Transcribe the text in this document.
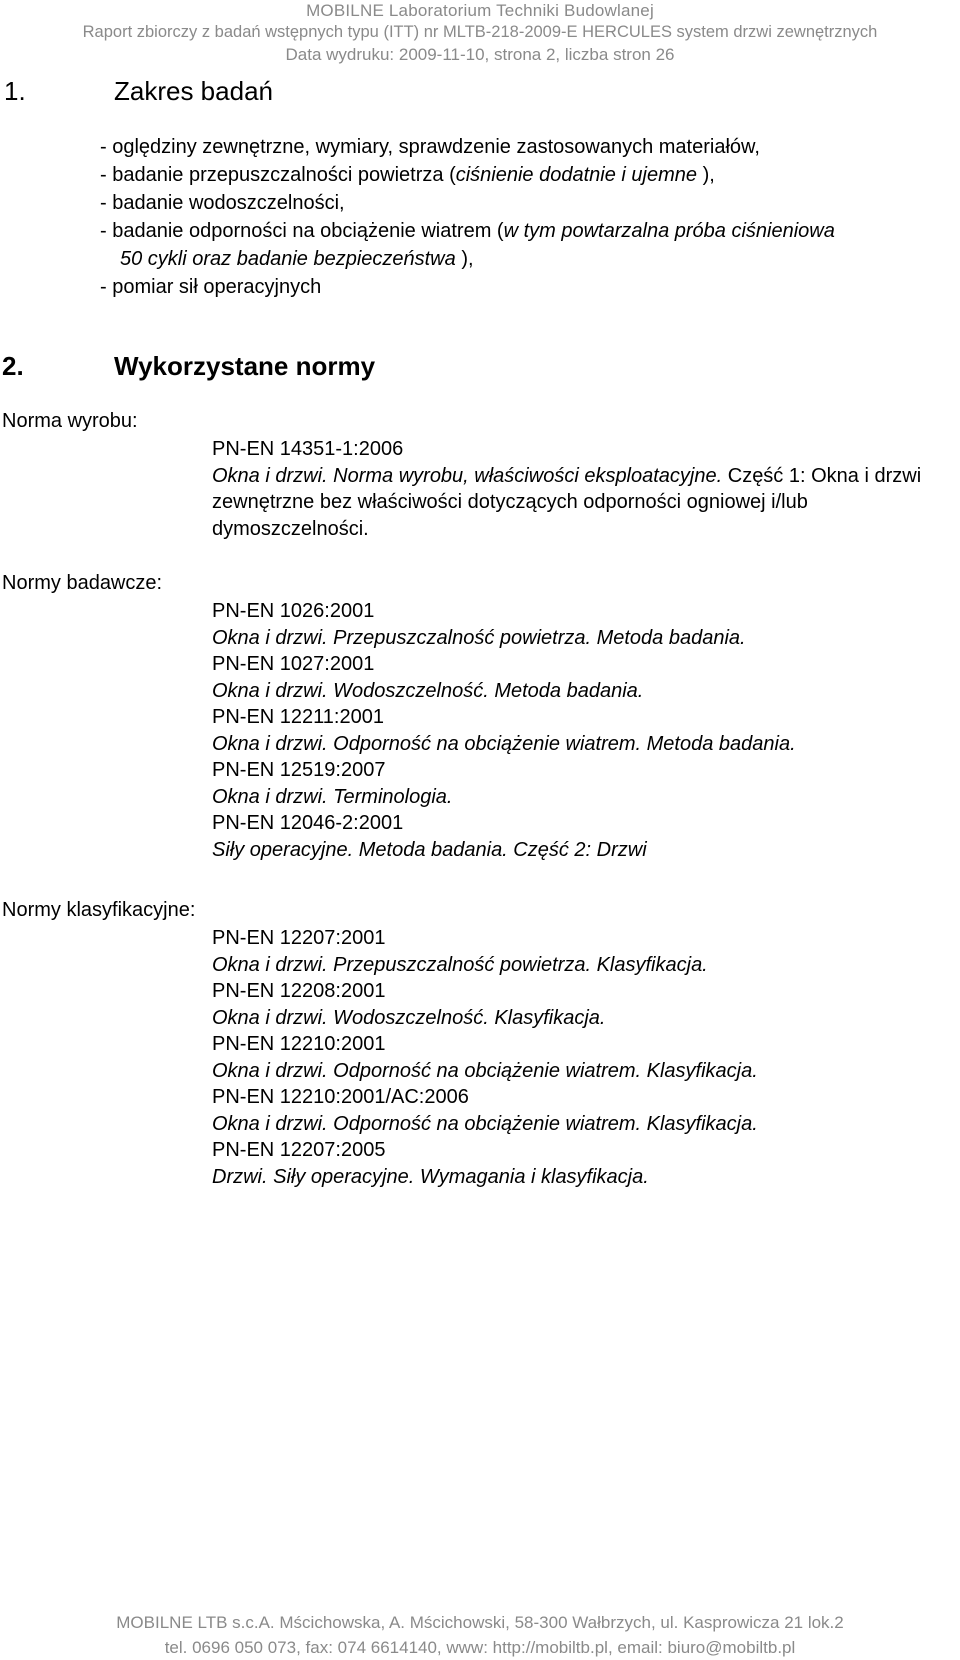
MOBILNE Laboratorium Techniki Budowlanej
Raport zbiorczy z badań wstępnych typu (ITT) nr MLTB-218-2009-E HERCULES system drzwi zewnętrznych
Data wydruku: 2009-11-10, strona 2, liczba stron 26
1.	Zakres badań
- oględziny zewnętrzne, wymiary, sprawdzenie zastosowanych materiałów,
- badanie przepuszczalności powietrza (ciśnienie dodatnie i ujemne ),
- badanie wodoszczelności,
- badanie odporności na obciążenie wiatrem (w tym powtarzalna próba ciśnieniowa
50 cykli oraz badanie bezpieczeństwa ),
- pomiar sił operacyjnych
2.	Wykorzystane normy
Norma wyrobu:
PN-EN 14351-1:2006
Okna i drzwi. Norma wyrobu, właściwości eksploatacyjne. Część 1: Okna i drzwi zewnętrzne bez właściwości dotyczących odporności ogniowej i/lub dymoszczelności.
Normy badawcze:
PN-EN 1026:2001
Okna i drzwi. Przepuszczalność powietrza. Metoda badania.
PN-EN 1027:2001
Okna i drzwi. Wodoszczelność. Metoda badania.
PN-EN 12211:2001
Okna i drzwi. Odporność na obciążenie wiatrem. Metoda badania.
PN-EN 12519:2007
Okna i drzwi. Terminologia.
PN-EN 12046-2:2001
Siły operacyjne. Metoda badania. Część 2: Drzwi
Normy klasyfikacyjne:
PN-EN 12207:2001
Okna i drzwi. Przepuszczalność powietrza. Klasyfikacja.
PN-EN 12208:2001
Okna i drzwi. Wodoszczelność. Klasyfikacja.
PN-EN 12210:2001
Okna i drzwi. Odporność na obciążenie wiatrem. Klasyfikacja.
PN-EN 12210:2001/AC:2006
Okna i drzwi. Odporność na obciążenie wiatrem. Klasyfikacja.
PN-EN 12207:2005
Drzwi. Siły operacyjne. Wymagania i klasyfikacja.
MOBILNE LTB s.c.A. Mścichowska, A. Mścichowski, 58-300 Wałbrzych, ul. Kasprowicza 21 lok.2
tel. 0696 050 073, fax: 074 6614140, www: http://mobiltb.pl, email: biuro@mobiltb.pl
